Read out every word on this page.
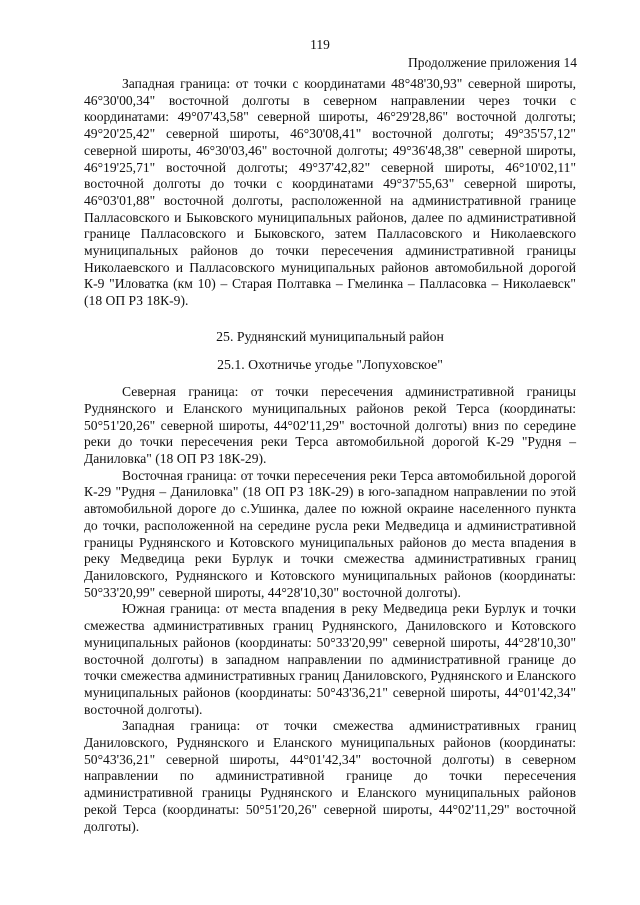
119
Продолжение приложения 14

Западная граница: от точки с координатами 48°48'30,93" северной широты, 46°30'00,34" восточной долготы в северном направлении через точки с координатами: 49°07'43,58" северной широты, 46°29'28,86" восточной долготы; 49°20'25,42" северной широты, 46°30'08,41" восточной долготы; 49°35'57,12" северной широты, 46°30'03,46" восточной долготы; 49°36'48,38" северной широты, 46°19'25,71" восточной долготы; 49°37'42,82" северной широты, 46°10'02,11" восточной долготы до точки с координатами 49°37'55,63" северной широты, 46°03'01,88" восточной долготы, расположенной на административной границе Палласовского и Быковского муниципальных районов, далее по административной границе Палласовского и Быковского, затем Палласовского и Николаевского муниципальных районов до точки пересечения административной границы Николаевского и Палласовского муниципальных районов автомобильной дорогой К-9 "Иловатка (км 10) – Старая Полтавка – Гмелинка – Палласовка – Николаевск" (18 ОП РЗ 18К-9).

25. Руднянский муниципальный район

25.1. Охотничье угодье "Лопуховское"

Северная граница: от точки пересечения административной границы Руднянского и Еланского муниципальных районов рекой Терса (координаты: 50°51'20,26" северной широты, 44°02'11,29" восточной долготы) вниз по середине реки до точки пересечения реки Терса автомобильной дорогой К-29 "Рудня – Даниловка" (18 ОП РЗ 18К-29).

Восточная граница: от точки пересечения реки Терса автомобильной дорогой К-29 "Рудня – Даниловка" (18 ОП РЗ 18К-29) в юго-западном направлении по этой автомобильной дороге до с.Ушинка, далее по южной окраине населенного пункта до точки, расположенной на середине русла реки Медведица и административной границы Руднянского и Котовского муниципальных районов до места впадения в реку Медведица реки Бурлук и точки смежества административных границ Даниловского, Руднянского и Котовского муниципальных районов (координаты: 50°33'20,99" северной широты, 44°28'10,30" восточной долготы).

Южная граница: от места впадения в реку Медведица реки Бурлук и точки смежества административных границ Руднянского, Даниловского и Котовского муниципальных районов (координаты: 50°33'20,99" северной широты, 44°28'10,30" восточной долготы) в западном направлении по административной границе до точки смежества административных границ Даниловского, Руднянского и Еланского муниципальных районов (координаты: 50°43'36,21" северной широты, 44°01'42,34" восточной долготы).

Западная граница: от точки смежества административных границ Даниловского, Руднянского и Еланского муниципальных районов (координаты: 50°43'36,21" северной широты, 44°01'42,34" восточной долготы) в северном направлении по административной границе до точки пересечения административной границы Руднянского и Еланского муниципальных районов рекой Терса (координаты: 50°51'20,26" северной широты, 44°02'11,29" восточной долготы).
